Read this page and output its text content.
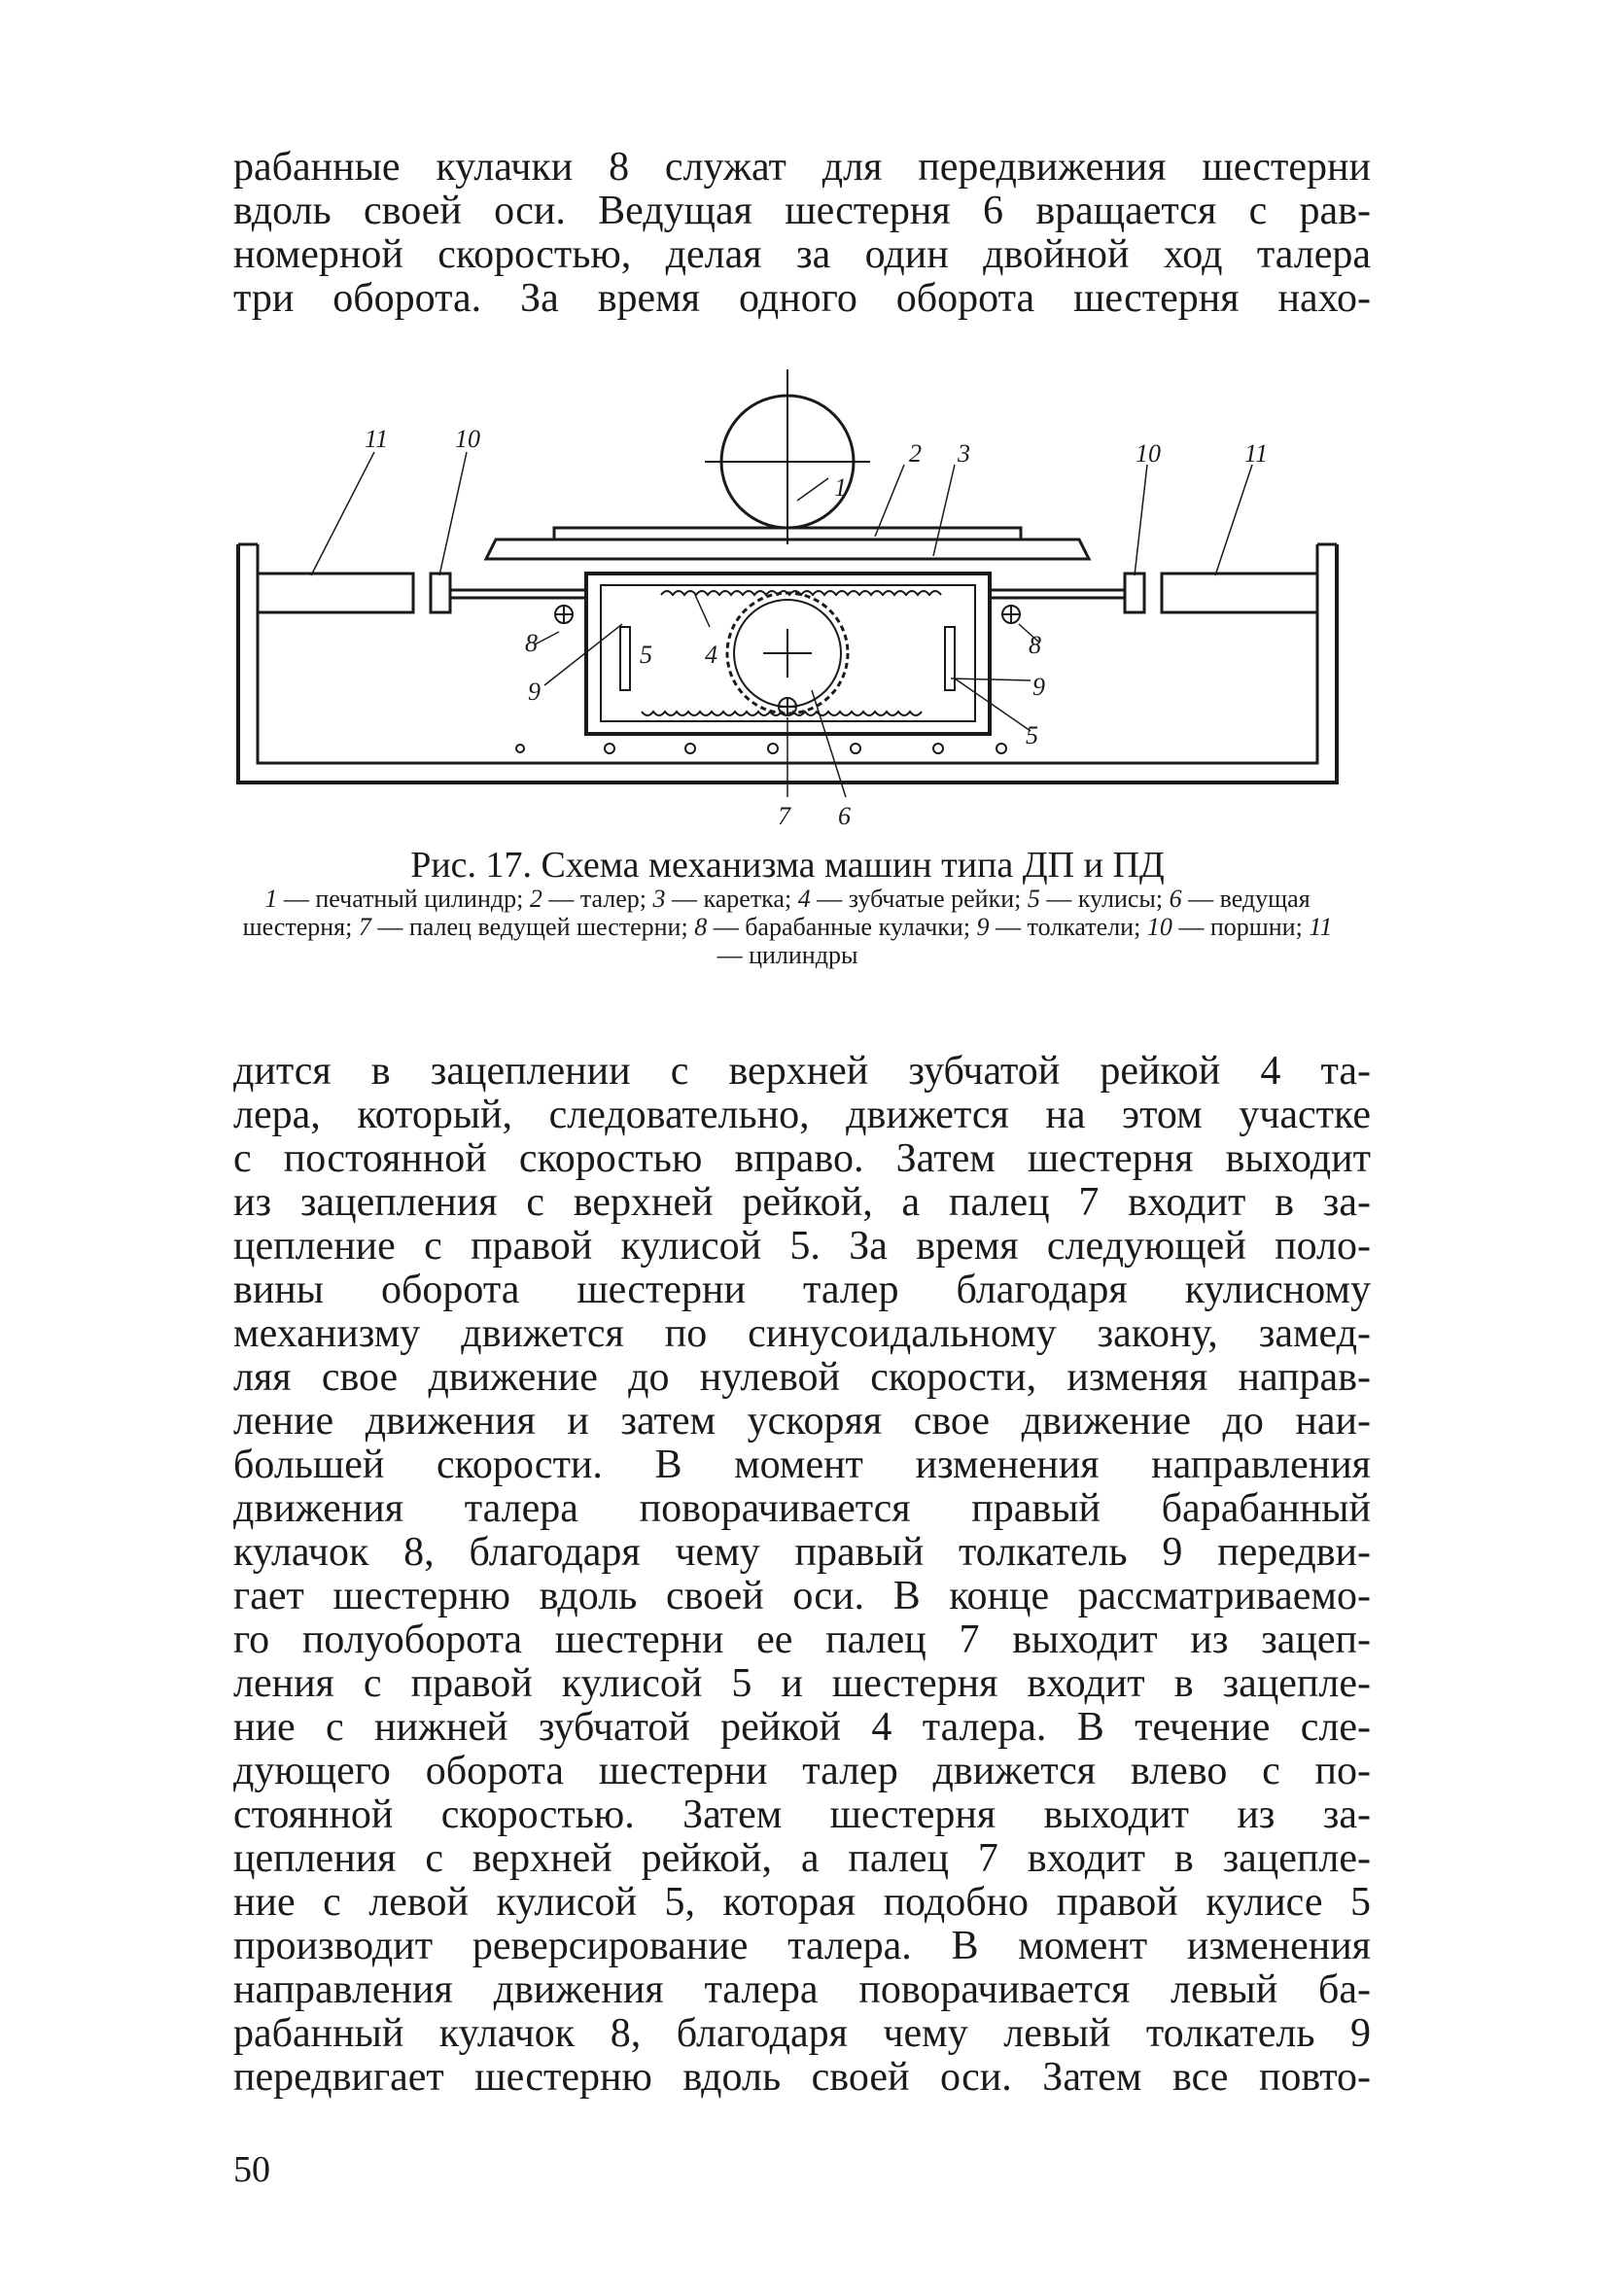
рабанные кулачки 8 служат для передвижения шестерни
вдоль своей оси. Ведущая шестерня 6 вращается с рав-
номерной скоростью, делая за один двойной ход талера
три оборота. За время одного оборота шестерня нахо-
11	10
1
2 3	10	11
8
9
5 4	8
9
5
7 6
Рис. 17. Схема механизма машин типа ДП и ПД
1 — печатный цилиндр; 2 — талер; 3 — каретка; 4 — зубчатые рейки; 5 — кулисы; 6 — ведущая шестерня; 7 — палец ведущей шестерни; 8 — барабанные кулачки; 9 — толкатели; 10 — поршни; 11 — цилиндры
дится в зацеплении с верхней зубчатой рейкой 4 та-
лера, который, следовательно, движется на этом участке
с постоянной скоростью вправо. Затем шестерня выходит
из зацепления с верхней рейкой, а палец 7 входит в за-
цепление с правой кулисой 5. За время следующей поло-
вины оборота шестерни талер благодаря кулисному
механизму движется по синусоидальному закону, замед-
ляя свое движение до нулевой скорости, изменяя направ-
ление движения и затем ускоряя свое движение до наи-
большей скорости. В момент изменения направления
движения талера поворачивается правый барабанный
кулачок 8, благодаря чему правый толкатель 9 передви-
гает шестерню вдоль своей оси. В конце рассматриваемо-
го полуоборота шестерни ее палец 7 выходит из зацеп-
ления с правой кулисой 5 и шестерня входит в зацепле-
ние с нижней зубчатой рейкой 4 талера. В течение сле-
дующего оборота шестерни талер движется влево с по-
стоянной скоростью. Затем шестерня выходит из за-
цепления с верхней рейкой, а палец 7 входит в зацепле-
ние с левой кулисой 5, которая подобно правой кулисе 5
производит реверсирование талера. В момент изменения
направления движения талера поворачивается левый ба-
рабанный кулачок 8, благодаря чему левый толкатель 9
передвигает шестерню вдоль своей оси. Затем все повто-
50
